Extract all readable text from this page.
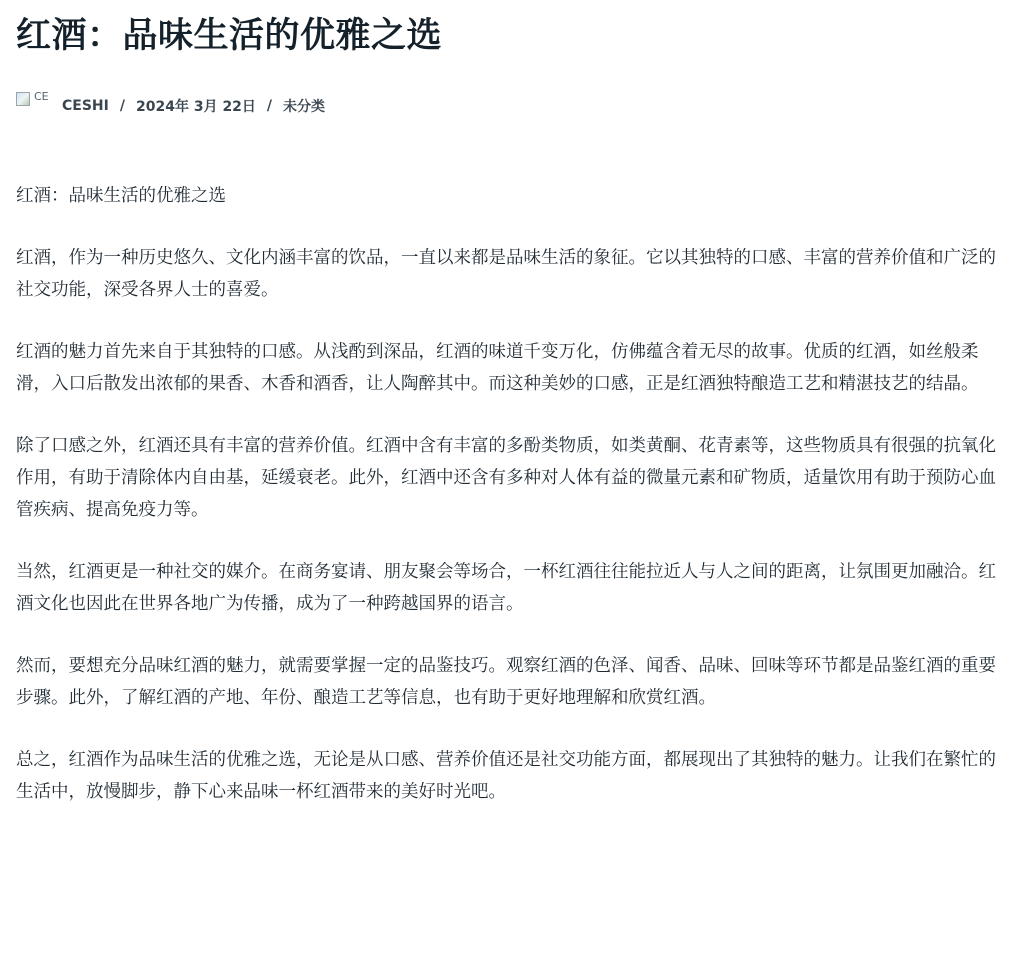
红酒：品味生活的优雅之选
CE
CESHI / 2024年 3月 22日 / 未分类

红酒：品味生活的优雅之选

红酒，作为一种历史悠久、文化内涵丰富的饮品，一直以来都是品味生活的象征。它以其独特的口感、丰富的营养价值和广泛的社交功能，深受各界人士的喜爱。

红酒的魅力首先来自于其独特的口感。从浅酌到深品，红酒的味道千变万化，仿佛蕴含着无尽的故事。优质的红酒，如丝般柔滑，入口后散发出浓郁的果香、木香和酒香，让人陶醉其中。而这种美妙的口感，正是红酒独特酿造工艺和精湛技艺的结晶。

除了口感之外，红酒还具有丰富的营养价值。红酒中含有丰富的多酚类物质，如类黄酮、花青素等，这些物质具有很强的抗氧化作用，有助于清除体内自由基，延缓衰老。此外，红酒中还含有多种对人体有益的微量元素和矿物质，适量饮用有助于预防心血管疾病、提高免疫力等。

当然，红酒更是一种社交的媒介。在商务宴请、朋友聚会等场合，一杯红酒往往能拉近人与人之间的距离，让氛围更加融洽。红酒文化也因此在世界各地广为传播，成为了一种跨越国界的语言。

然而，要想充分品味红酒的魅力，就需要掌握一定的品鉴技巧。观察红酒的色泽、闻香、品味、回味等环节都是品鉴红酒的重要步骤。此外，了解红酒的产地、年份、酿造工艺等信息，也有助于更好地理解和欣赏红酒。

总之，红酒作为品味生活的优雅之选，无论是从口感、营养价值还是社交功能方面，都展现出了其独特的魅力。让我们在繁忙的生活中，放慢脚步，静下心来品味一杯红酒带来的美好时光吧。
